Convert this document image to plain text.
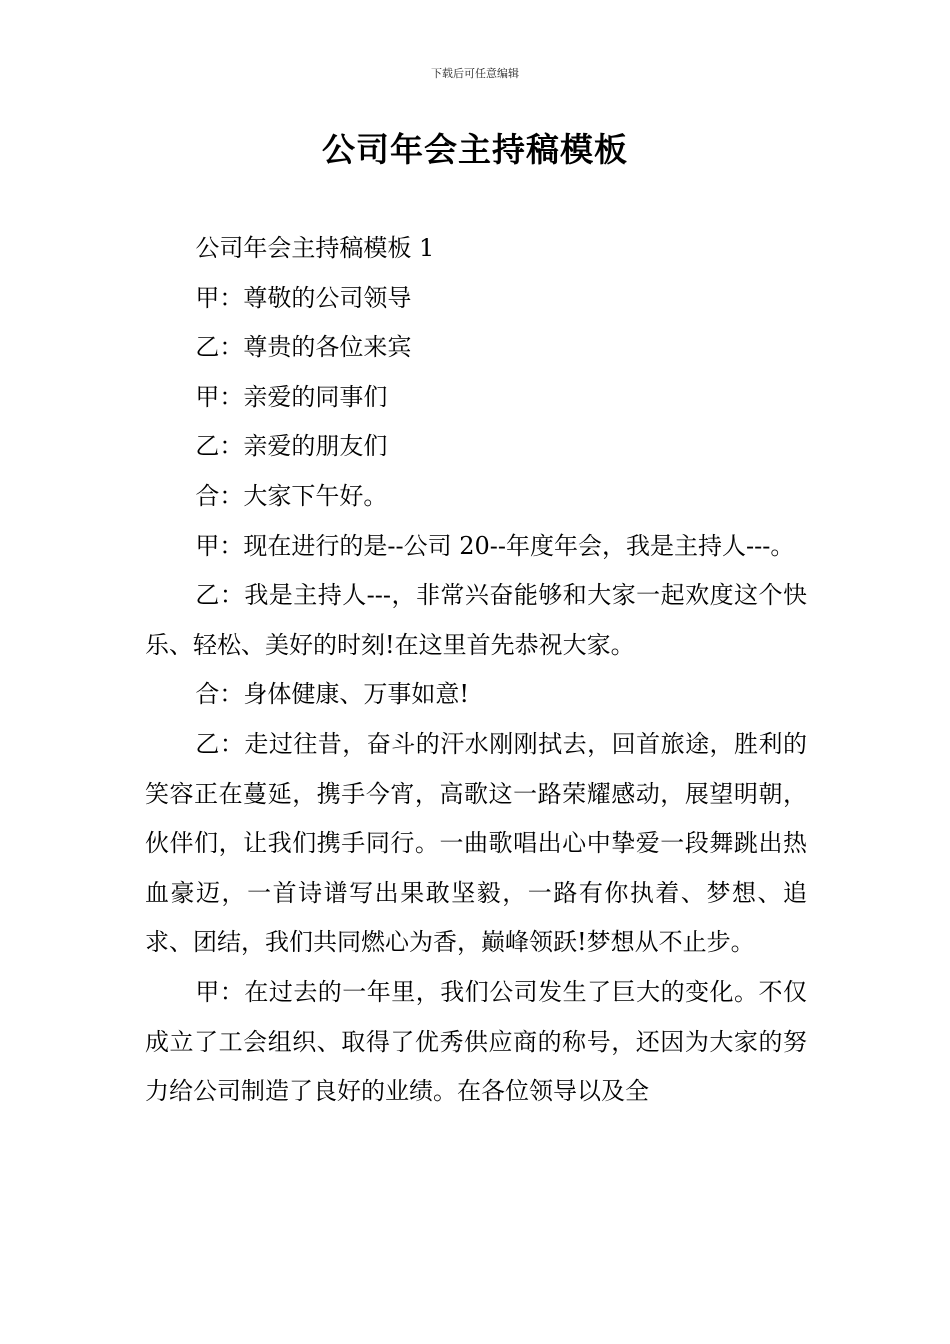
下载后可任意编辑
公司年会主持稿模板

公司年会主持稿模板 1

甲：尊敬的公司领导

乙：尊贵的各位来宾

甲：亲爱的同事们

乙：亲爱的朋友们

合：大家下午好。

甲：现在进行的是--公司 20--年度年会，我是主持人---。

乙：我是主持人---，非常兴奋能够和大家一起欢度这个快乐、轻松、美好的时刻!在这里首先恭祝大家。

合：身体健康、万事如意!

乙：走过往昔，奋斗的汗水刚刚拭去，回首旅途，胜利的笑容正在蔓延，携手今宵，高歌这一路荣耀感动，展望明朝，伙伴们，让我们携手同行。一曲歌唱出心中挚爱一段舞跳出热血豪迈，一首诗谱写出果敢坚毅，一路有你执着、梦想、追求、团结，我们共同燃心为香，巅峰领跃!梦想从不止步。

甲：在过去的一年里，我们公司发生了巨大的变化。不仅成立了工会组织、取得了优秀供应商的称号，还因为大家的努力给公司制造了良好的业绩。在各位领导以及全
